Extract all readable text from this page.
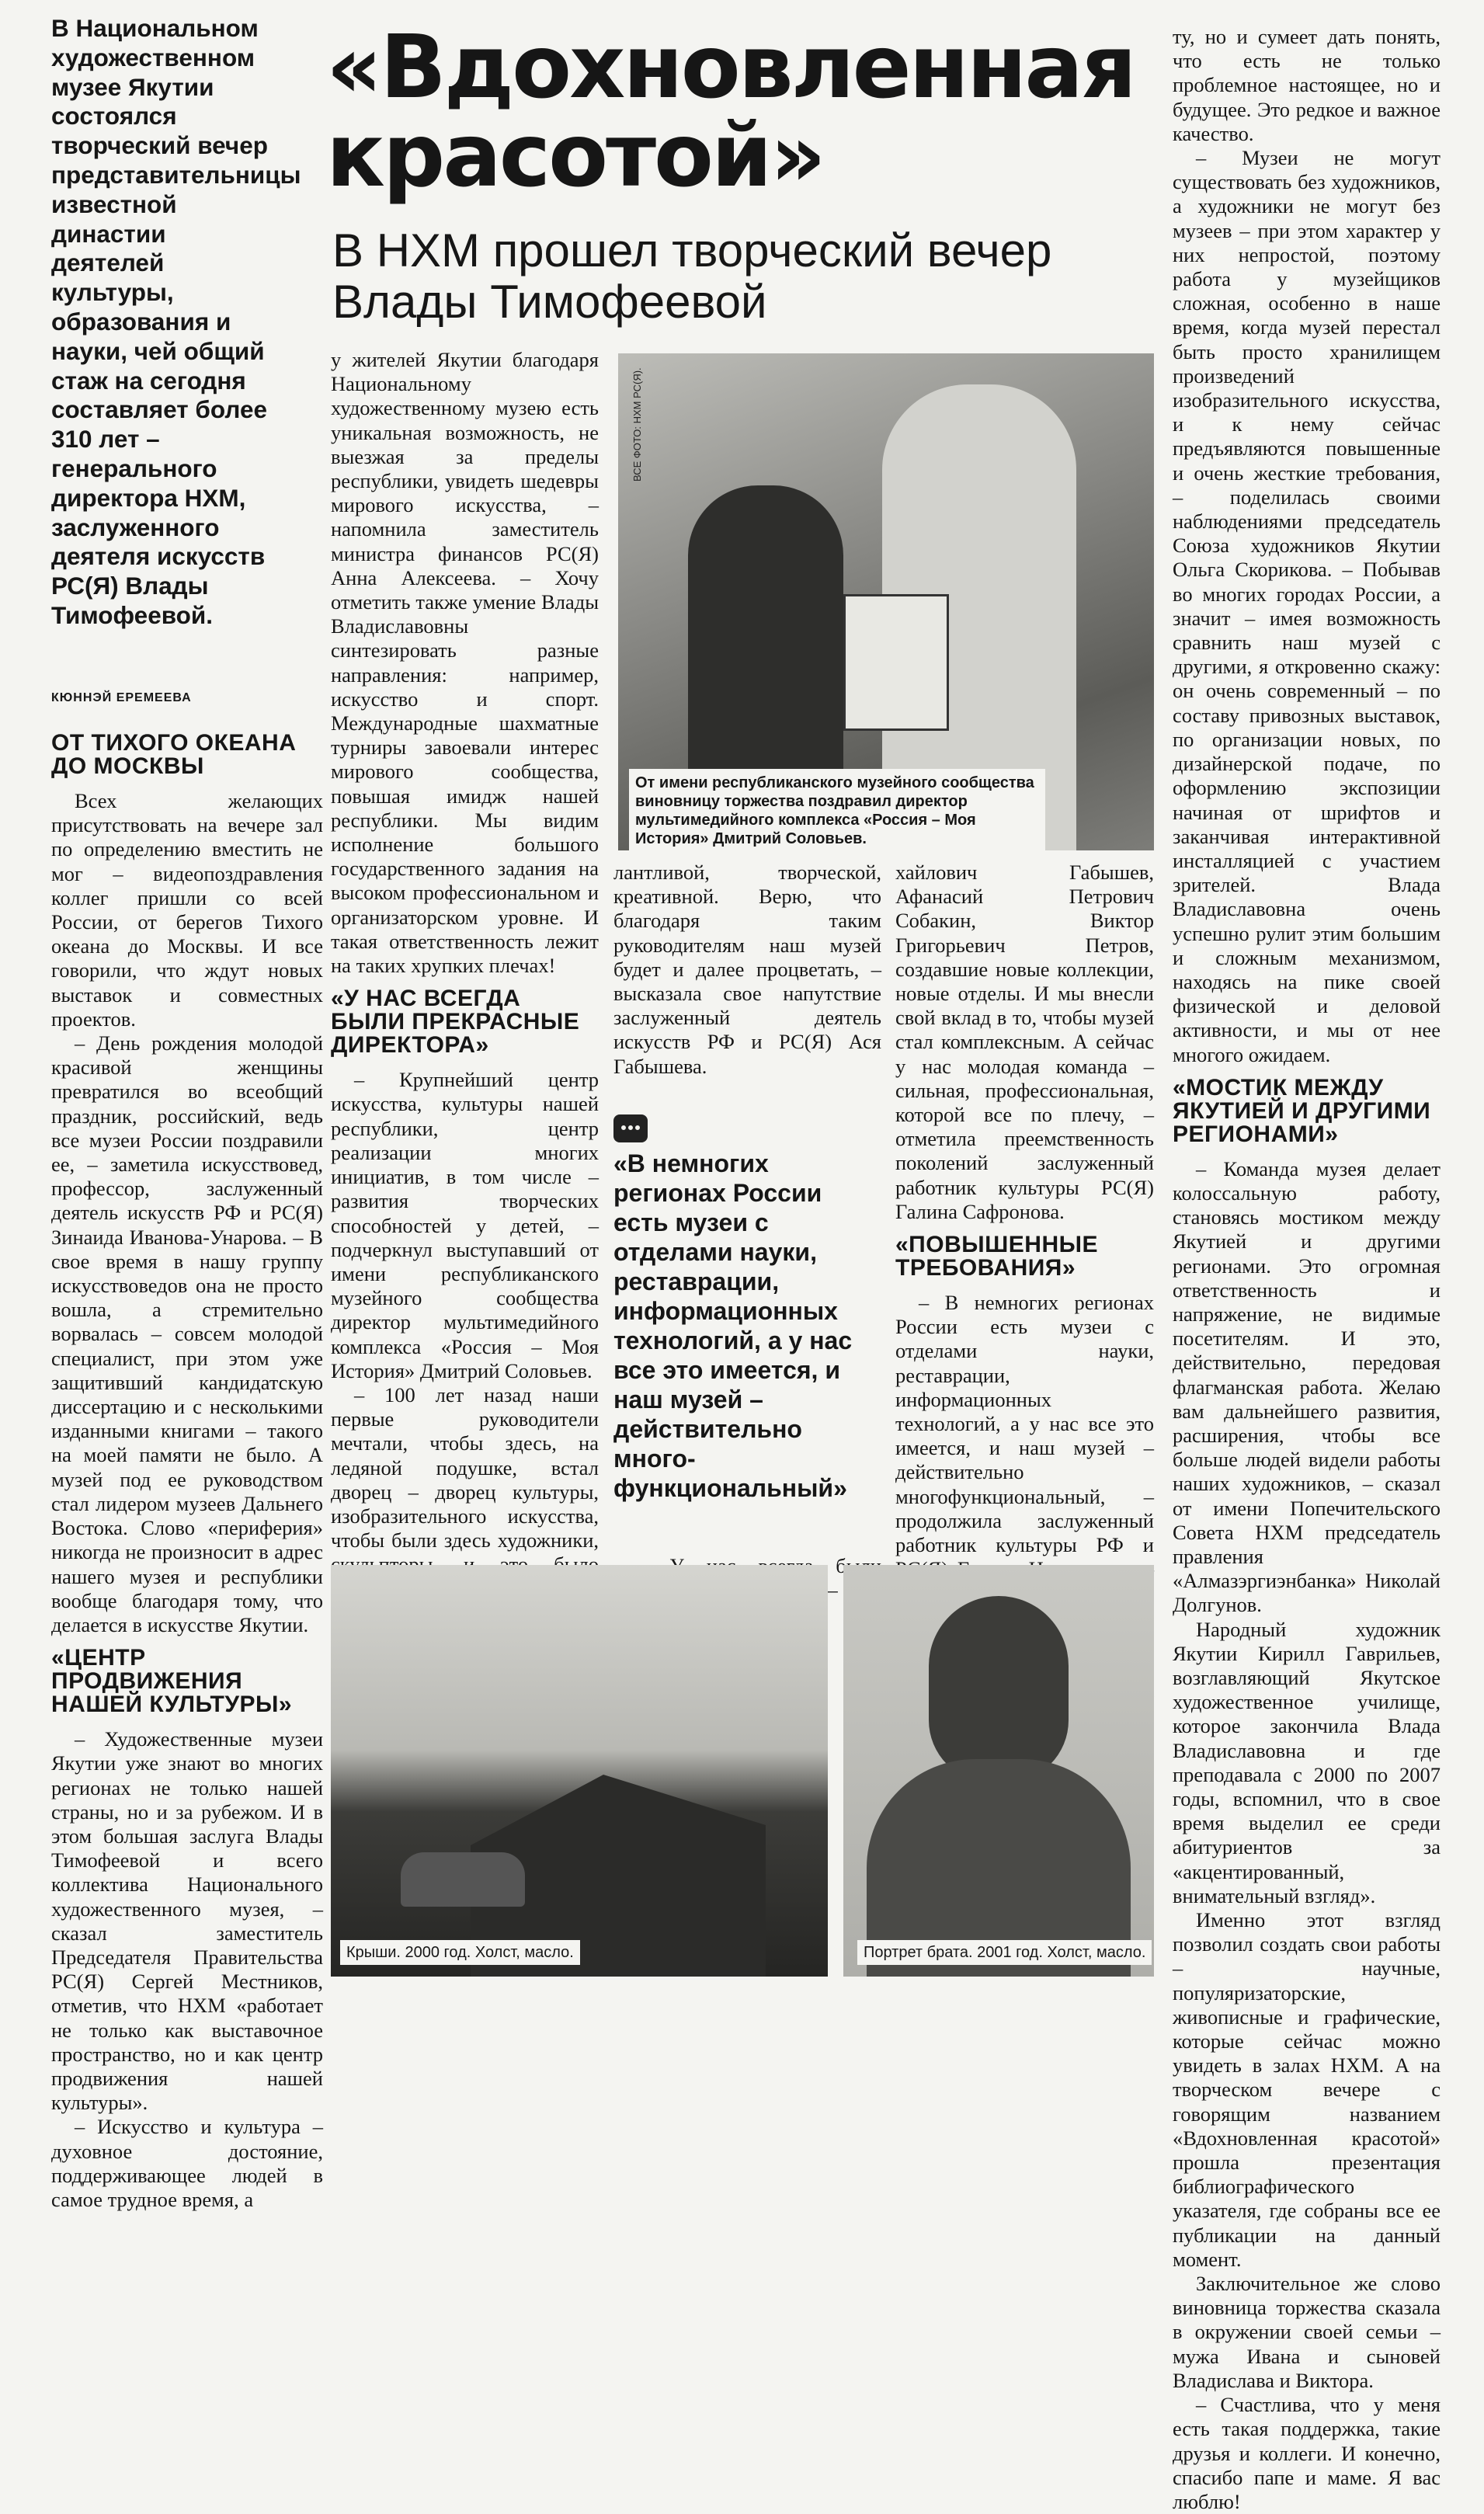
В Национальном художественном музее Якутии состоялся творческий вечер представительницы известной династии деятелей культуры, образования и науки, чей общий стаж на сегодня составляет более 310 лет – генерального директора НХМ, заслуженного деятеля искусств РС(Я) Влады Тимофеевой.
КЮННЭЙ ЕРЕМЕЕВА
ОТ ТИХОГО ОКЕАНА ДО МОСКВЫ

Всех желающих присутствовать на вечере зал по определению вместить не мог – видеопоздравления коллег пришли со всей России, от берегов Тихого океана до Москвы. И все говорили, что ждут новых выставок и совместных проектов.

– День рождения молодой красивой женщины превратился во всеобщий праздник, российский, ведь все музеи России поздравили ее, – заметила искусствовед, профессор, заслуженный деятель искусств РФ и РС(Я) Зинаида Иванова-Унарова. – В свое время в нашу группу искусствоведов она не просто вошла, а стремительно ворвалась – совсем молодой специалист, при этом уже защитивший кандидатскую диссертацию и с несколькими изданными книгами – такого на моей памяти не было. А музей под ее руководством стал лидером музеев Дальнего Востока. Слово «периферия» никогда не произносит в адрес нашего музея и республики вообще благодаря тому, что делается в искусстве Якутии.

«ЦЕНТР ПРОДВИЖЕНИЯ НАШЕЙ КУЛЬТУРЫ»

– Художественные музеи Якутии уже знают во многих регионах не только нашей страны, но и за рубежом. И в этом большая заслуга Влады Тимофеевой и всего коллектива Национального художественного музея, – сказал заместитель Председателя Правительства РС(Я) Сергей Местников, отметив, что НХМ «работает не только как выставочное пространство, но и как центр продвижения нашей культуры».

– Искусство и культура – духовное достояние, поддерживающее людей в самое трудное время, а

«Вдохновленная красотой»
В НХМ прошел творческий вечер Влады Тимофеевой

у жителей Якутии благодаря Национальному художественному музею есть уникальная возможность, не выезжая за пределы республики, увидеть шедевры мирового искусства, – напомнила заместитель министра финансов РС(Я) Анна Алексеева. – Хочу отметить также умение Влады Владиславовны синтезировать разные направления: например, искусство и спорт. Международные шахматные турниры завоевали интерес мирового сообщества, повышая имидж нашей республики. Мы видим исполнение большого государственного задания на высоком профессиональном и организаторском уровне. И такая ответственность лежит на таких хрупких плечах!

«У НАС ВСЕГДА БЫЛИ ПРЕКРАСНЫЕ ДИРЕКТОРА»

– Крупнейший центр искусства, культуры нашей республики, центр реализации многих инициатив, в том числе – развития творческих способностей у детей, – подчеркнул выступавший от имени республиканского музейного сообщества директор мультимедийного комплекса «Россия – Моя История» Дмитрий Соловьев.

– 100 лет назад наши первые руководители мечтали, чтобы здесь, на ледяной подушке, встал дворец – дворец культуры, изобразительного искусства, чтобы были здесь художники,

ВСЕ ФОТО: НХМ РС(Я).
От имени республиканского музейного сообщества виновницу торжества поздравил директор мультимедийного комплекса «Россия – Моя История» Дмитрий Соловьев.

лантливой, творческой, креативной. Верю, что благодаря таким руководителям наш музей будет и далее процветать, – высказала свое напутствие заслуженный деятель искусств РФ и РС(Я) Ася Габышева.

«В немногих регионах России есть музеи с отделами науки, реставрации, информационных технологий, а у нас все это имеется, и наш музей – действительно много-функциональный»

–

хайлович Габышев, Афанасий Петрович Собакин, Виктор Григорьевич Петров, создавшие новые коллекции, новые отделы. И мы внесли свой вклад в то, чтобы музей стал комплексным. А сейчас у нас молодая команда – сильная, профессиональная, которой все по плечу, – отметила преемственность поколений заслуженный работник культуры РС(Я) Галина Сафронова.

«ПОВЫШЕННЫЕ ТРЕБОВАНИЯ»

– В немногих регионах России есть музеи с отделами науки, реставрации, информационных технологий, а у нас все это имеется, и наш музей – действительно многофункциональный, – продолжила заслуженный работник культуры РФ и

ту, но и сумеет дать понять, что есть не только проблемное настоящее, но и будущее. Это редкое и важное качество.

– Музеи не могут существовать без художников, а художники не могут без музеев – при этом характер у них непростой, поэтому работа у музейщиков сложная, особенно в наше время, когда музей перестал быть просто хранилищем произведений изобразительного искусства, и к нему сейчас предъявляются повышенные и очень жесткие требования, – поделилась своими наблюдениями председатель Союза художников Якутии Ольга Скорикова. – Побывав во многих городах России, а значит – имея возможность сравнить наш музей с другими, я откровенно скажу: он очень современный – по составу привозных выставок, по организации новых, по дизайнерской подаче, по оформлению экспозиции начиная от шрифтов и заканчивая интерактивной инсталляцией с участием зрителей. Влада Владиславовна очень успешно рулит этим большим и сложным механизмом, находясь на пике своей физической и деловой активности, и мы от нее многого ожидаем.

«МОСТИК МЕЖДУ ЯКУТИЕЙ И ДРУГИМИ РЕГИОНАМИ»

– Команда музея делает колоссальную работу, становясь мостиком между Якутией и другими регионами. Это огромная ответственность и напряжение, не видимые посетителям. И это, действительно, передовая флагманская работа. Желаю вам дальнейшего развития, расширения, чтобы все больше людей видели работы наших художников, – сказал от имени Попечительского Совета НХМ председатель правления «Алмазэргиэнбанка» Николай Долгунов.

Народный художник Якутии Кирилл Гаврильев, возглавляющий Якутское художественное училище, которое закончила Влада Владиславовна и где преподавала с 2000 по 2007 годы, вспомнил, что в свое время выделил ее среди абитуриентов за «акцентированный, внимательный взгляд».

Именно этот взгляд позволил создать свои работы – научные, популяризаторские, живописные и графические, которые сейчас можно увидеть в залах НХМ. А на творческом вечере с говорящим названием «Вдохновленная красотой» прошла презентация библиографического указателя, где собраны все ее публикации на данный момент.

Заключительное же слово виновница торжества сказала в окружении своей семьи – мужа Ивана и сыновей Владислава и Виктора.

– Счастлива, что у меня есть такая поддержка, такие друзья и коллеги. И конечно, спасибо папе и маме. Я вас люблю!

Крыши. 2000 год. Холст, масло.	Портрет брата. 2001 год. Холст, масло.
